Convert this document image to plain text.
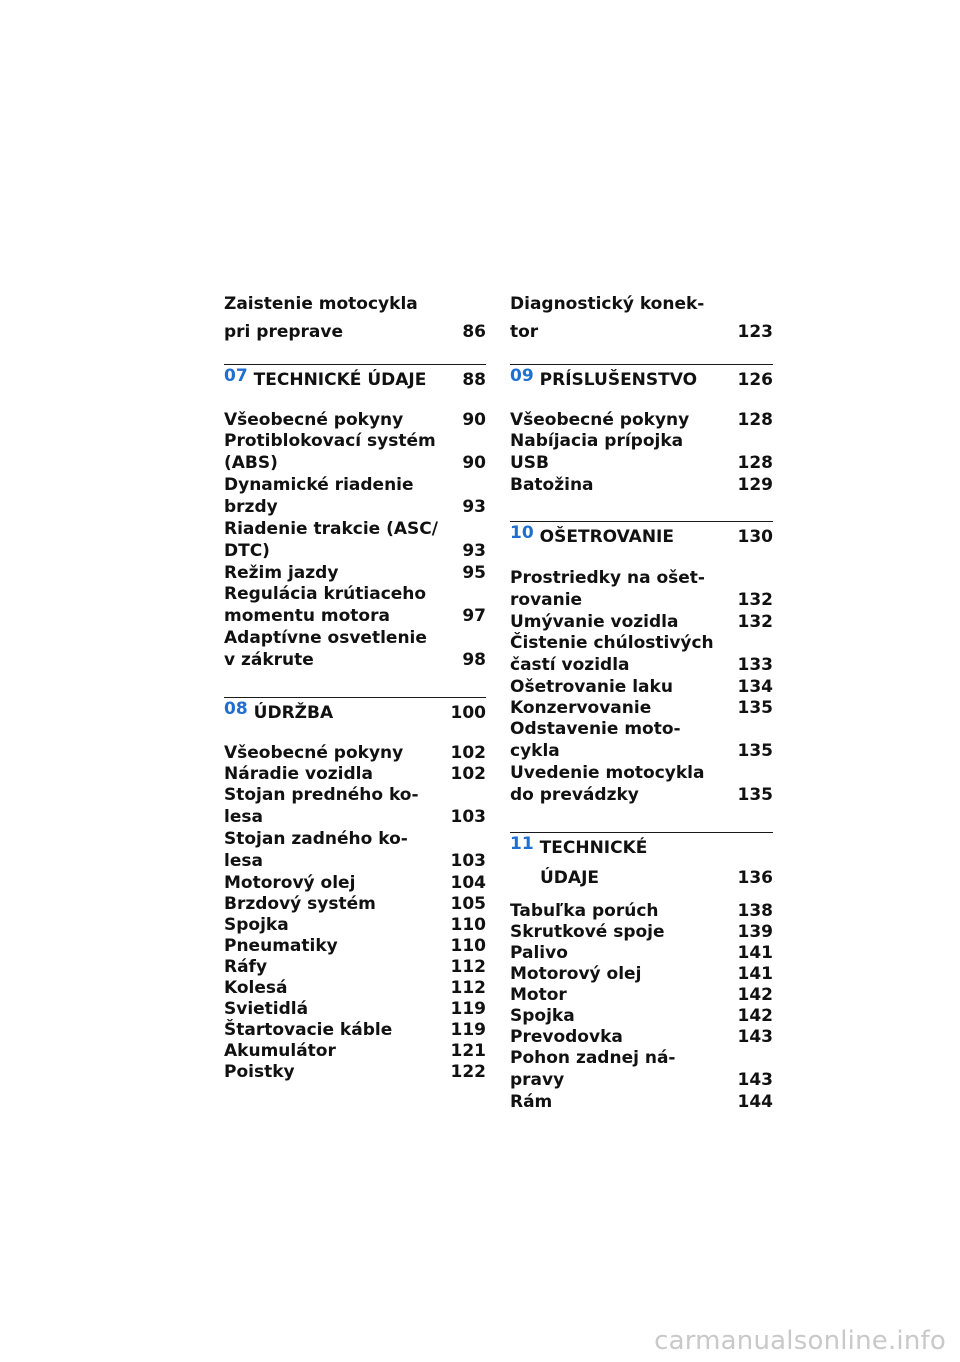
Zaistenie motocykla
pri preprave	86
07 TECHNICKÉ ÚDAJE 88
Všeobecné pokyny	90
Protiblokovací systém
(ABS)	90
Dynamické riadenie
brzdy	93
Riadenie trakcie (ASC/
DTC)	93
Režim jazdy	95
Regulácia krútiaceho
momentu motora	97
Adaptívne osvetlenie
v zákrute	98
08 ÚDRŽBA	100
Všeobecné pokyny	102
Náradie vozidla	102
Stojan predného ko-
lesa	103
Stojan zadného ko-
lesa	103
Motorový olej	104
Brzdový systém	105
Spojka	110
Pneumatiky	110
Ráfy	112
Kolesá	112
Svietidlá	119
Štartovacie káble	119
Akumulátor	121
Poistky	122
Diagnostický konek-
tor	123
09 PRÍSLUŠENSTVO 126
Všeobecné pokyny	128
Nabíjacia prípojka
USB	128
Batožina	129
10 OŠETROVANIE	130
Prostriedky na ošet-
rovanie	132
Umývanie vozidla	132
Čistenie chúlostivých
častí vozidla	133
Ošetrovanie laku	134
Konzervovanie	135
Odstavenie moto-
cykla	135
Uvedenie motocykla
do prevádzky	135
11 TECHNICKÉ
ÚDAJE	136
Tabuľka porúch	138
Skrutkové spoje	139
Palivo	141
Motorový olej	141
Motor	142
Spojka	142
Prevodovka	143
Pohon zadnej ná-
pravy	143
Rám	144
carmanualsonline.info
